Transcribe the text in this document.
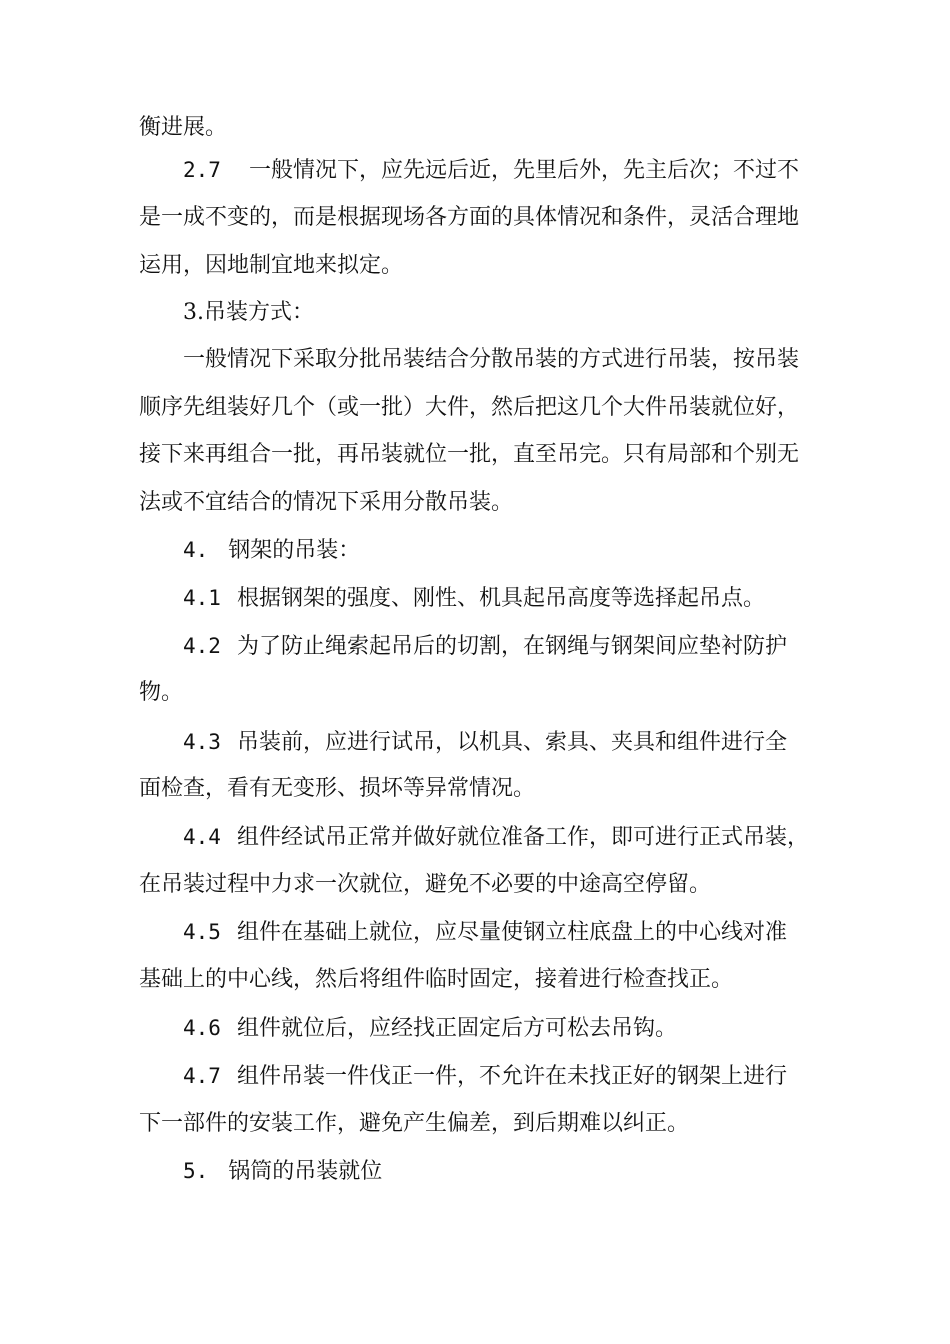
衡进展。
2.7 一般情况下，应先远后近，先里后外，先主后次；不过不
是一成不变的，而是根据现场各方面的具体情况和条件，灵活合理地
运用，因地制宜地来拟定。
3.吊装方式：
一般情况下采取分批吊装结合分散吊装的方式进行吊装，按吊装
顺序先组装好几个（或一批）大件，然后把这几个大件吊装就位好，
接下来再组合一批，再吊装就位一批，直至吊完。只有局部和个别无
法或不宜结合的情况下采用分散吊装。
4. 钢架的吊装：
4.1 根据钢架的强度、刚性、机具起吊高度等选择起吊点。
4.2 为了防止绳索起吊后的切割，在钢绳与钢架间应垫衬防护
物。
4.3 吊装前，应进行试吊，以机具、索具、夹具和组件进行全
面检查，看有无变形、损坏等异常情况。
4.4 组件经试吊正常并做好就位准备工作，即可进行正式吊装，
在吊装过程中力求一次就位，避免不必要的中途高空停留。
4.5 组件在基础上就位，应尽量使钢立柱底盘上的中心线对准
基础上的中心线，然后将组件临时固定，接着进行检查找正。
4.6 组件就位后，应经找正固定后方可松去吊钩。
4.7 组件吊装一件伐正一件，不允许在未找正好的钢架上进行
下一部件的安装工作，避免产生偏差，到后期难以纠正。
5. 锅筒的吊装就位
